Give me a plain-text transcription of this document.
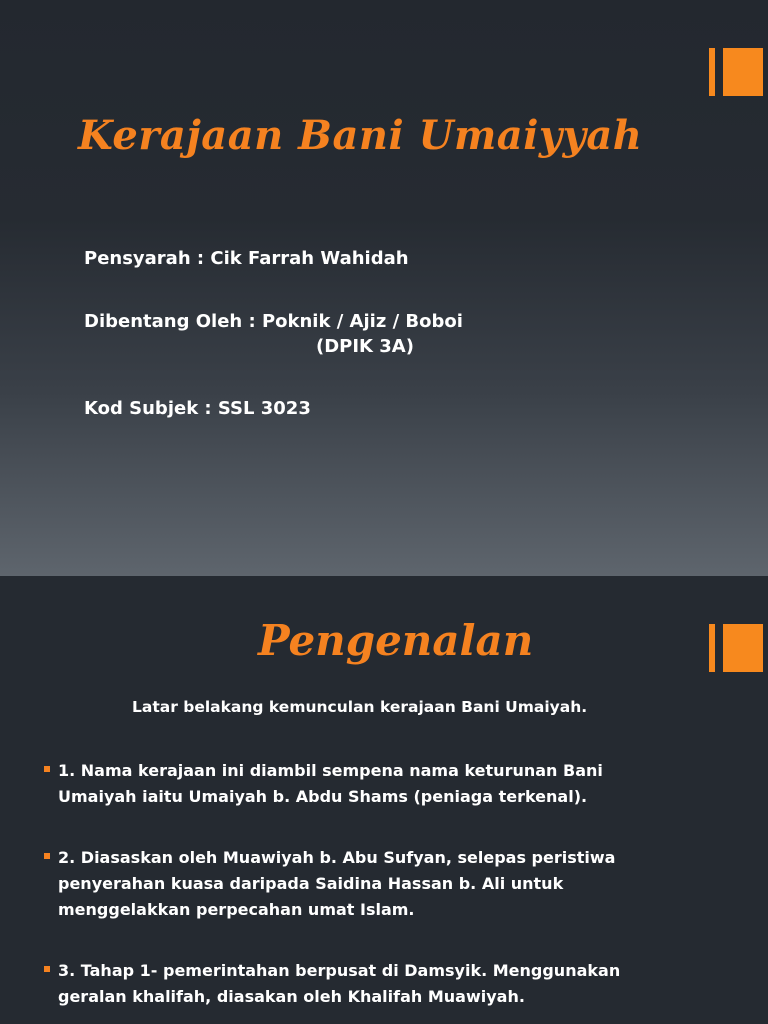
Kerajaan Bani Umaiyyah
Pensyarah : Cik Farrah Wahidah
Dibentang Oleh : Poknik / Ajiz / Boboi
(DPIK 3A)
Kod Subjek : SSL 3023
Pengenalan
Latar belakang kemunculan kerajaan Bani Umaiyah.
1. Nama kerajaan ini diambil sempena nama keturunan Bani Umaiyah iaitu Umaiyah b. Abdu Shams (peniaga terkenal).
2. Diasaskan oleh Muawiyah b. Abu Sufyan, selepas peristiwa penyerahan kuasa daripada Saidina Hassan b. Ali untuk menggelakkan perpecahan umat Islam.
3. Tahap 1- pemerintahan berpusat di Damsyik. Menggunakan geralan khalifah, diasakan oleh Khalifah Muawiyah.
